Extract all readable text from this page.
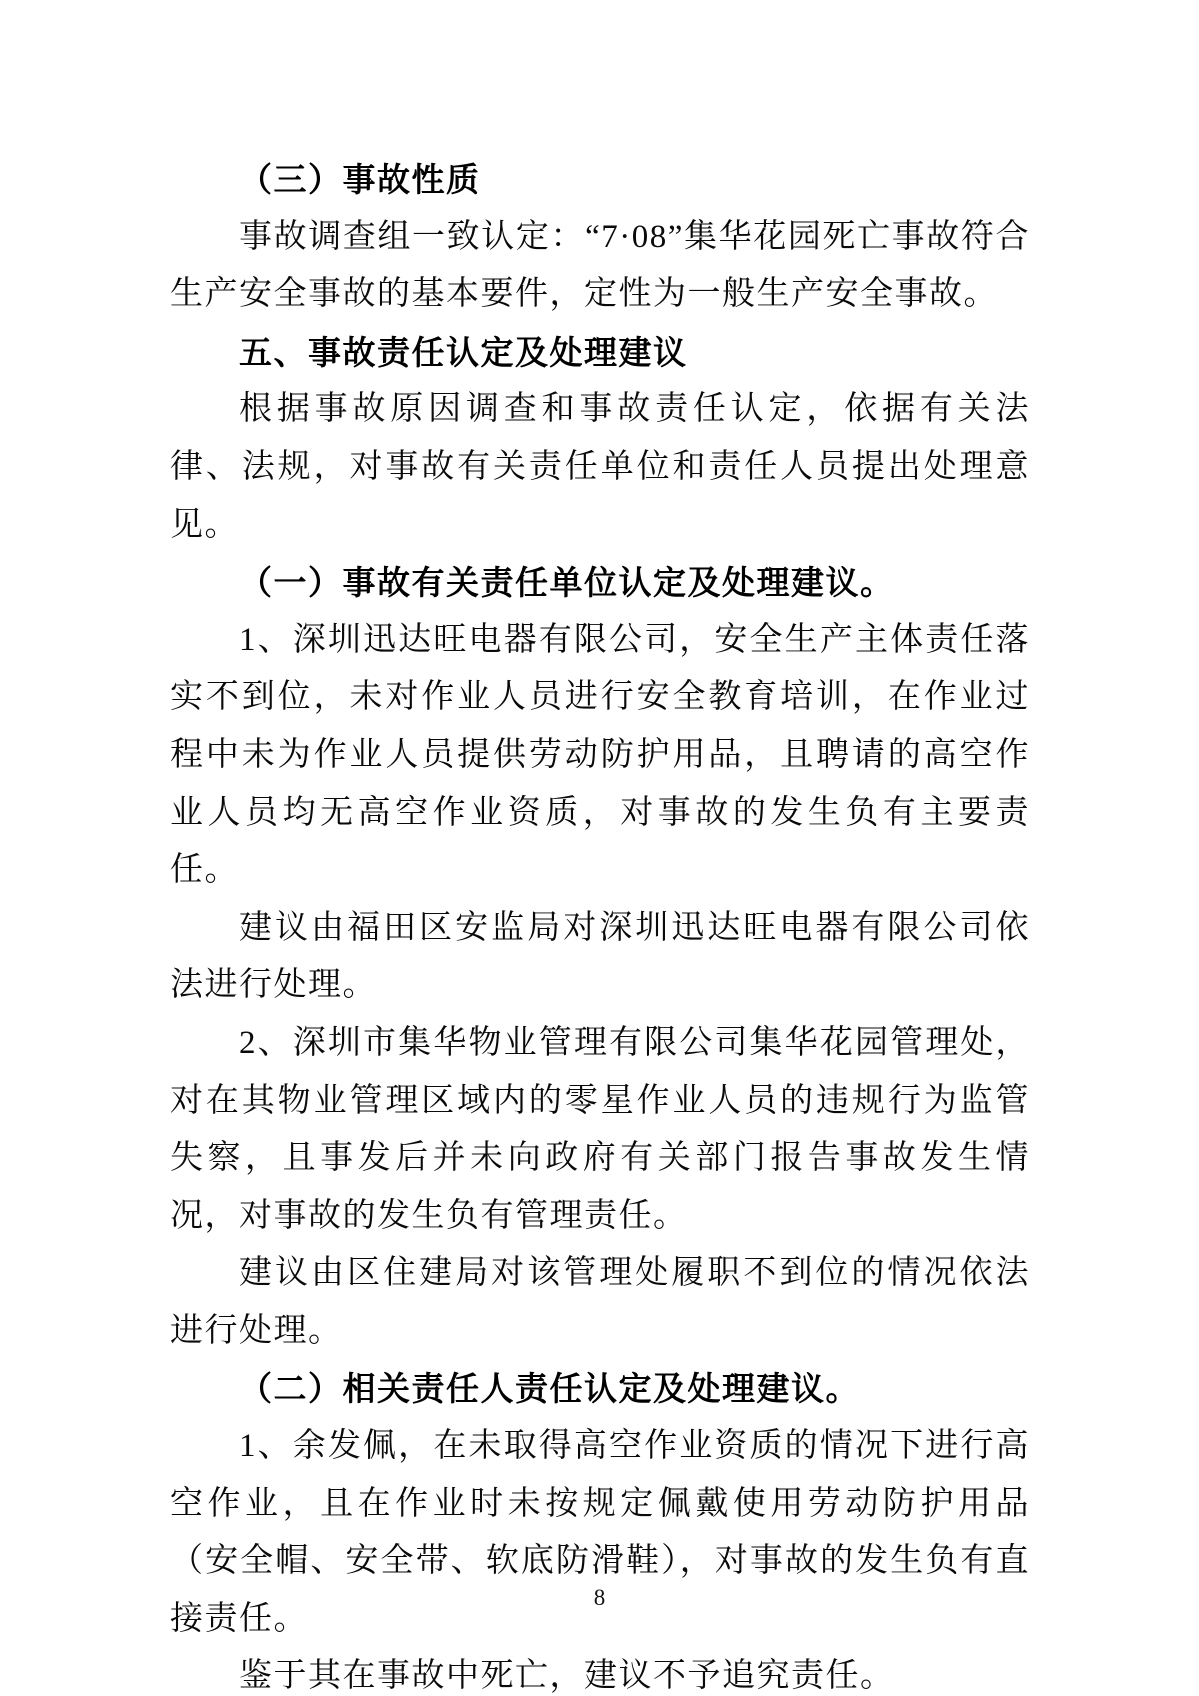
（三）事故性质
事故调查组一致认定：“7·08”集华花园死亡事故符合生产安全事故的基本要件，定性为一般生产安全事故。
五、事故责任认定及处理建议
根据事故原因调查和事故责任认定，依据有关法律、法规，对事故有关责任单位和责任人员提出处理意见。
（一）事故有关责任单位认定及处理建议。
1、深圳迅达旺电器有限公司，安全生产主体责任落实不到位，未对作业人员进行安全教育培训，在作业过程中未为作业人员提供劳动防护用品，且聘请的高空作业人员均无高空作业资质，对事故的发生负有主要责任。
建议由福田区安监局对深圳迅达旺电器有限公司依法进行处理。
2、深圳市集华物业管理有限公司集华花园管理处，对在其物业管理区域内的零星作业人员的违规行为监管失察，且事发后并未向政府有关部门报告事故发生情况，对事故的发生负有管理责任。
建议由区住建局对该管理处履职不到位的情况依法进行处理。
（二）相关责任人责任认定及处理建议。
1、余发佩，在未取得高空作业资质的情况下进行高空作业，且在作业时未按规定佩戴使用劳动防护用品（安全帽、安全带、软底防滑鞋），对事故的发生负有直接责任。
鉴于其在事故中死亡，建议不予追究责任。
8
